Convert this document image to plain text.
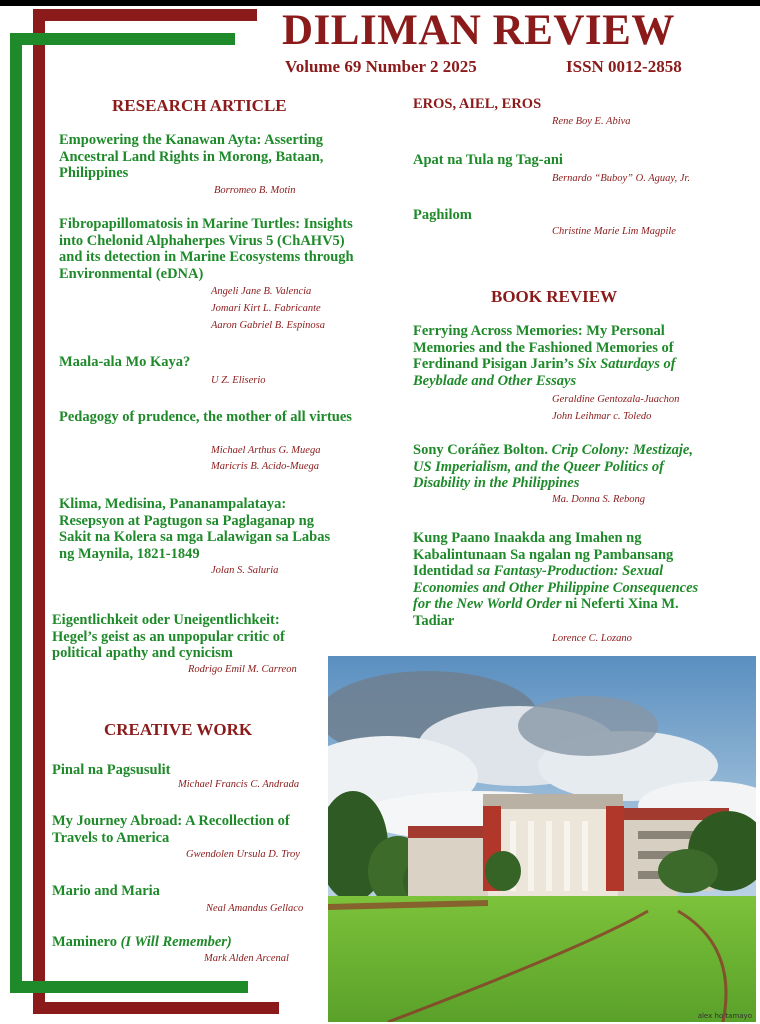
DILIMAN REVIEW
Volume 69 Number 2 2025	ISSN 0012-2858
RESEARCH ARTICLE
Empowering the Kanawan Ayta: Asserting Ancestral Land Rights in Morong, Bataan, Philippines
Borromeo B. Motin
Fibropapillomatosis in Marine Turtles: Insights into Chelonid Alphaherpes Virus 5 (ChAHV5) and its detection in Marine Ecosystems through Environmental (eDNA)
Angeli Jane B. Valencia
Jomari Kirt L. Fabricante
Aaron Gabriel B. Espinosa
Maala-ala Mo Kaya?
U Z. Eliserio
Pedagogy of prudence, the mother of all virtues
Michael Arthus G. Muega
Maricris B. Acido-Muega
Klima, Medisina, Pananampalataya: Resepsyon at Pagtugon sa Paglaganap ng Sakit na Kolera sa mga Lalawigan sa Labas ng Maynila, 1821-1849
Jolan S. Saluria
Eigentlichkeit oder Uneigentlichkeit: Hegel’s geist as an unpopular critic of political apathy and cynicism
Rodrigo Emil M. Carreon
CREATIVE WORK
Pinal na Pagsusulit
Michael Francis C. Andrada
My Journey Abroad: A Recollection of Travels to America
Gwendolen Ursula D. Troy
Mario and Maria
Neal Amandus Gellaco
Maminero (I Will Remember)
Mark Alden Arcenal
EROS, AIEL, EROS
Rene Boy E. Abiva
Apat na Tula ng Tag-ani
Bernardo “Buboy” O. Aguay, Jr.
Paghilom
Christine Marie Lim Magpile
BOOK REVIEW
Ferrying Across Memories: My Personal Memories and the Fashioned Memories of Ferdinand Pisigan Jarin’s Six Saturdays of Beyblade and Other Essays
Geraldine Gentozala-Juachon
John Leihmar c. Toledo
Sony Coráñez Bolton. Crip Colony: Mestizaje, US Imperialism, and the Queer Politics of Disability in the Philippines
Ma. Donna S. Rebong
Kung Paano Inaakda ang Imahen ng Kabalintunaan Sa ngalan ng Pambansang Identidad sa Fantasy-Production: Sexual Economies and Other Philippine Consequences for the New World Order ni Neferti Xina M. Tadiar
Lorence C. Lozano
alex ho tamayo
